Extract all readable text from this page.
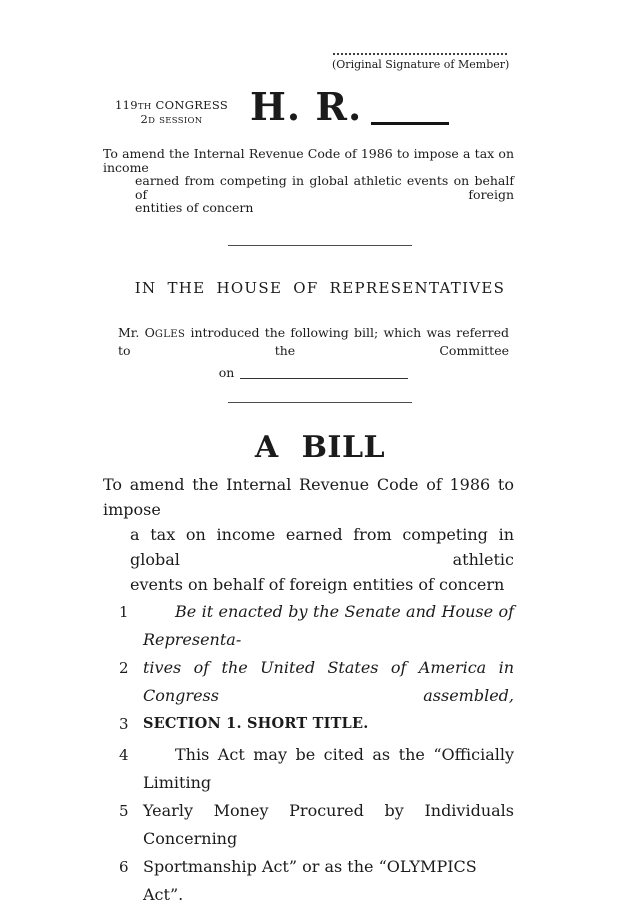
(Original Signature of Member)
119TH CONGRESS
2D SESSION	H. R.
To amend the Internal Revenue Code of 1986 to impose a tax on income
earned from competing in global athletic events on behalf of foreign
entities of concern
IN THE HOUSE OF REPRESENTATIVES
Mr. OGLES introduced the following bill; which was referred to the Committee
on
A BILL
To amend the Internal Revenue Code of 1986 to impose
a tax on income earned from competing in global athletic
events on behalf of foreign entities of concern
1	Be it enacted by the Senate and House of Representa-
2 tives of the United States of America in Congress assembled,
3 SECTION 1. SHORT TITLE.
4	This Act may be cited as the “Officially Limiting
5 Yearly Money Procured by Individuals Concerning
6 Sportmanship Act” or as the “OLYMPICS Act”.
